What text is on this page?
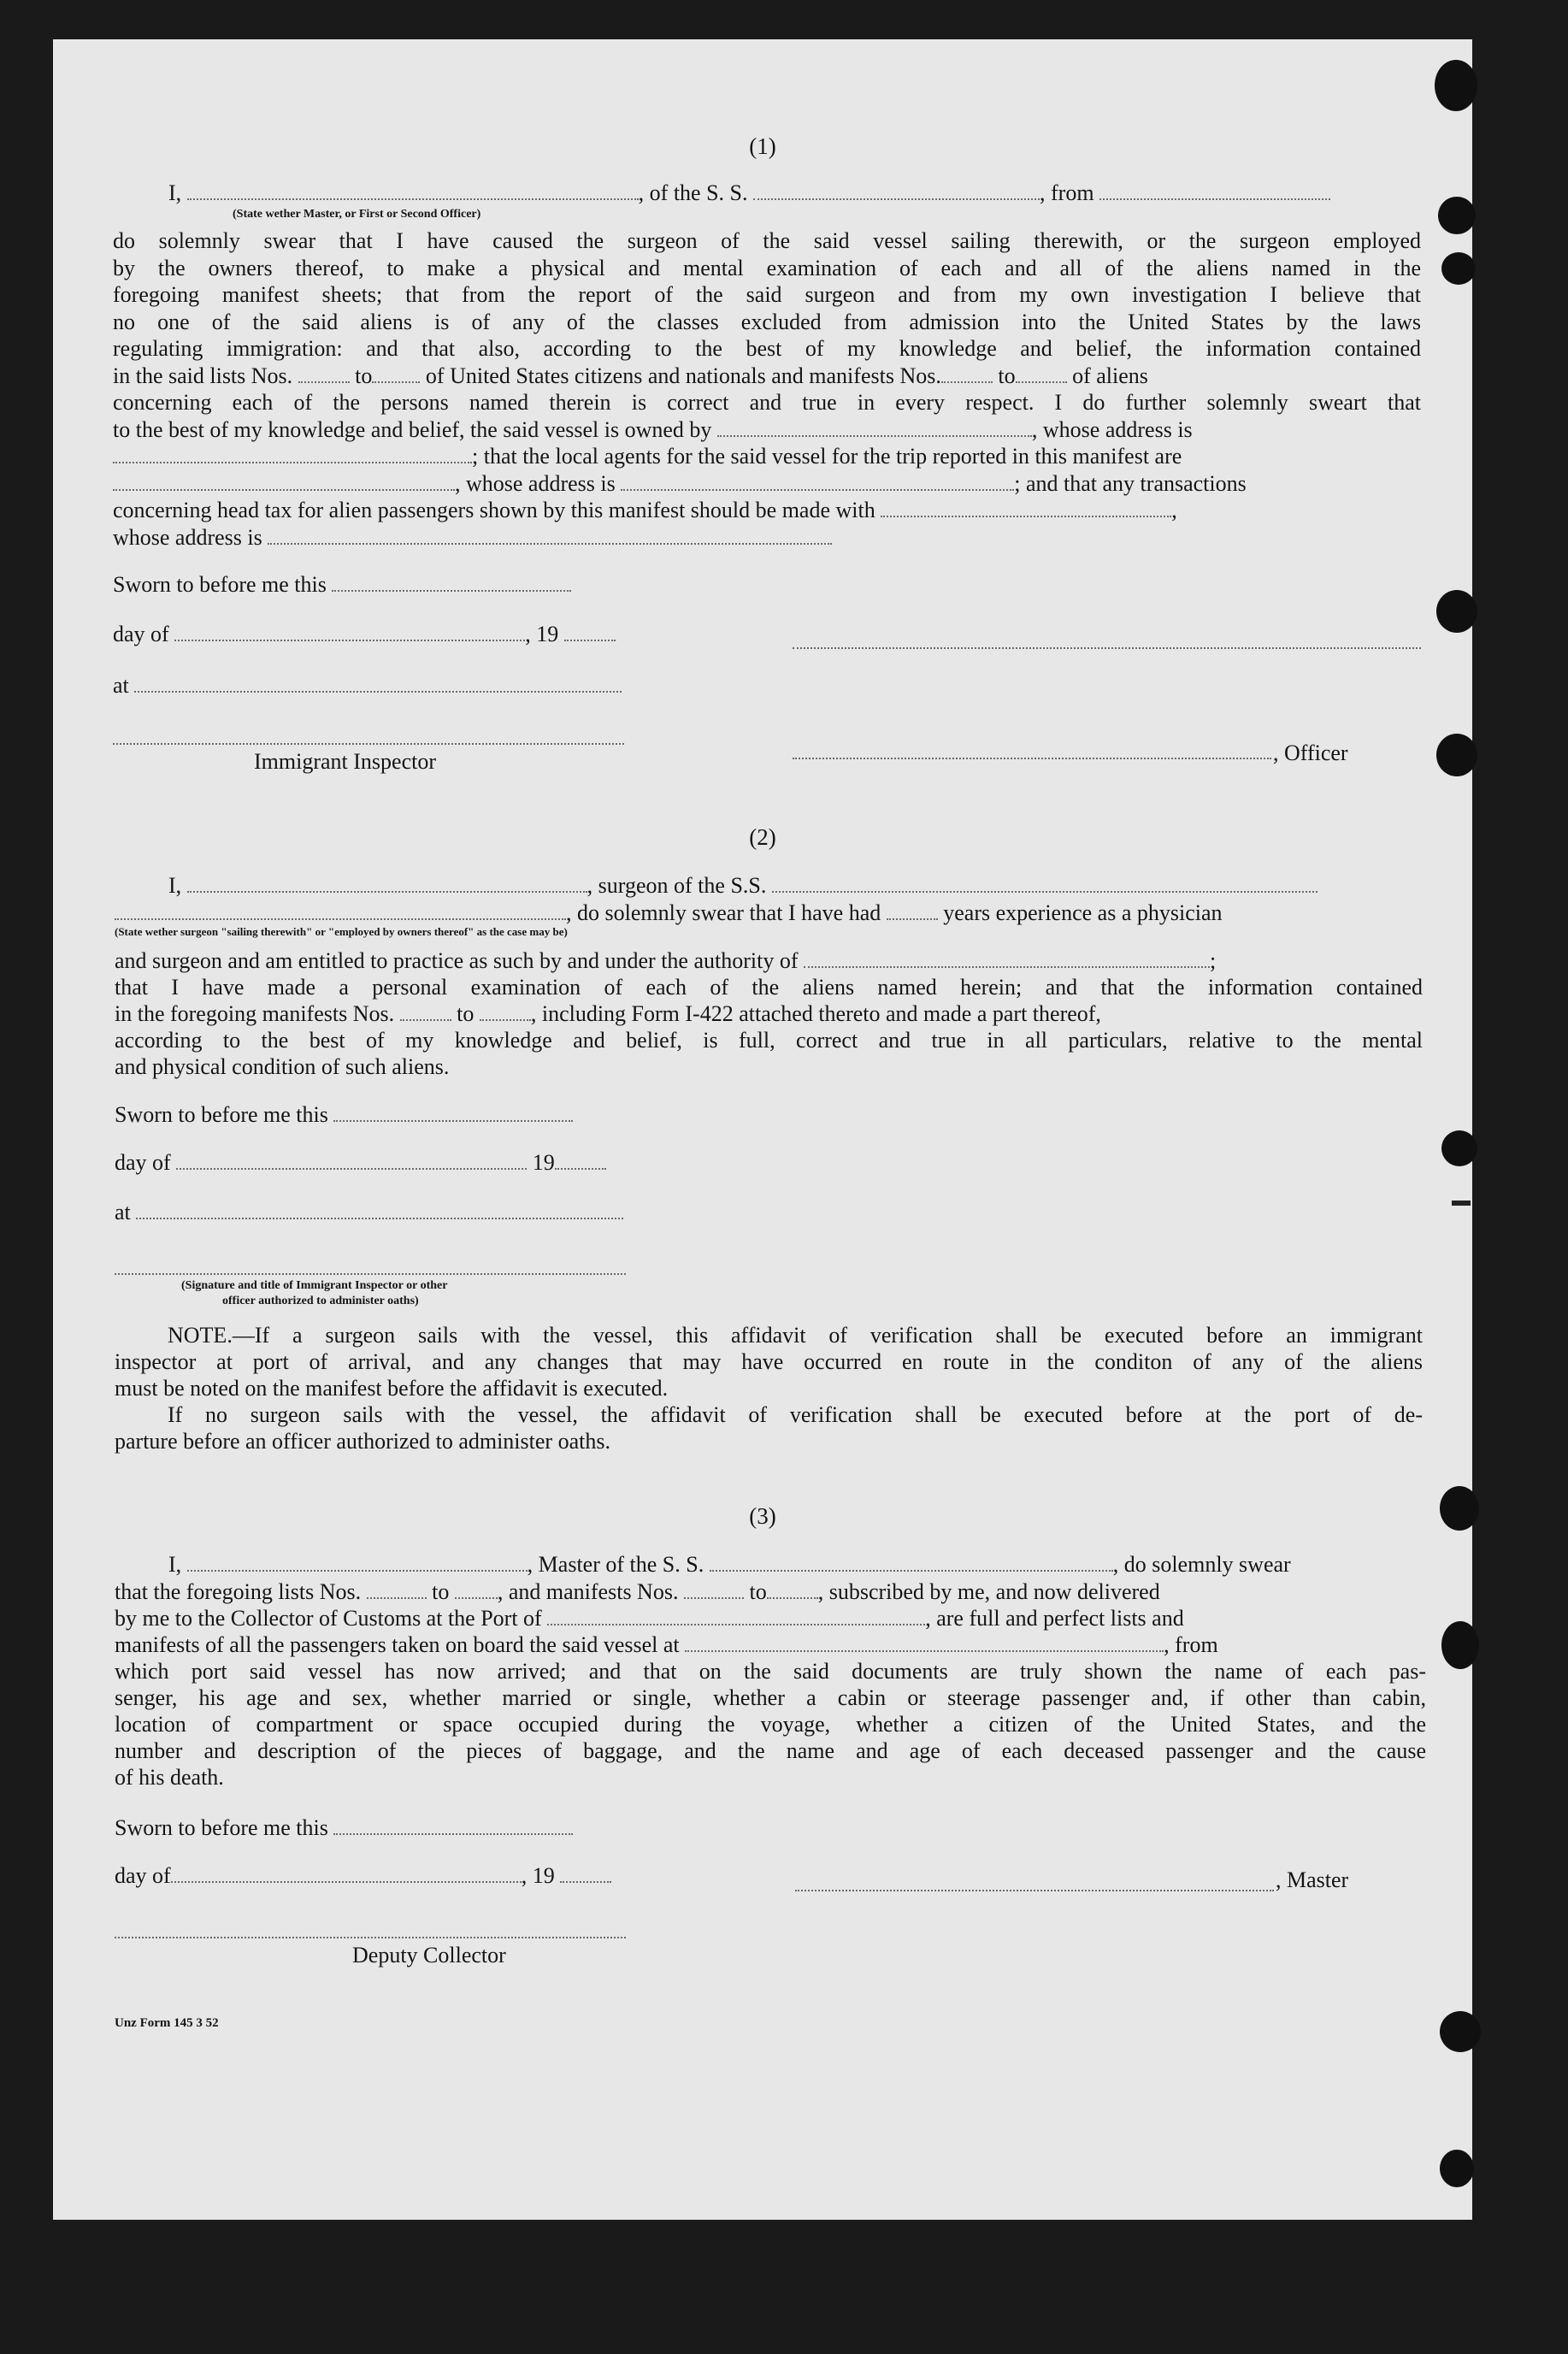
(1)
I,	, of the S. S.	, from
(State wether Master, or First or Second Officer)
do solemnly swear that I have caused the surgeon of the said vessel sailing therewith, or the surgeon employed
by the owners thereof, to make a physical and mental examination of each and all of the aliens named in the
foregoing manifest sheets; that from the report of the said surgeon and from my own investigation I believe that
no one of the said aliens is of any of the classes excluded from admission into the United States by the laws
regulating immigration: and that also, according to the best of my knowledge and belief, the information contained
in the said lists Nos.	to of United States citizens and nationals and manifests Nos.	to	of aliens
concerning each of the persons named therein is correct and true in every respect. I do further solemnly sweart that
to the best of my knowledge and belief, the said vessel is owned by	, whose address is
; that the local agents for the said vessel for the trip reported in this manifest are
, whose address is	; and that any transactions
concerning head tax for alien passengers shown by this manifest should be made with	,
whose address is
Sworn to before me this
day of	, 19
at
Immigrant Inspector	, Officer
(2)
I,	, surgeon of the S.S.
, do solemnly swear that I have had	years experience as a physician
(State wether surgeon "sailing therewith" or "employed by owners thereof" as the case may be)
and surgeon and am entitled to practice as such by and under the authority of	;
that I have made a personal examination of each of the aliens named herein; and that the information contained
in the foregoing manifests Nos.	to	, including Form I-422 attached thereto and made a part thereof,
according to the best of my knowledge and belief, is full, correct and true in all particulars, relative to the mental
and physical condition of such aliens.
Sworn to before me this
day of	19
at
(Signature and title of Immigrant Inspector or other
officer authorized to administer oaths)
NOTE.—If a surgeon sails with the vessel, this affidavit of verification shall be executed before an immigrant
inspector at port of arrival, and any changes that may have occurred en route in the conditon of any of the aliens
must be noted on the manifest before the affidavit is executed.
If no surgeon sails with the vessel, the affidavit of verification shall be executed before at the port of de-
parture before an officer authorized to administer oaths.
(3)
I,	, Master of the S. S.	, do solemnly swear
that the foregoing lists Nos.	to , and manifests Nos.	to , subscribed by me, and now delivered
by me to the Collector of Customs at the Port of	, are full and perfect lists and
manifests of all the passengers taken on board the said vessel at	, from
which port said vessel has now arrived; and that on the said documents are truly shown the name of each pas-
senger, his age and sex, whether married or single, whether a cabin or steerage passenger and, if other than cabin,
location of compartment or space occupied during the voyage, whether a citizen of the United States, and the
number and description of the pieces of baggage, and the name and age of each deceased passenger and the cause
of his death.
Sworn to before me this
day of	, 19	, Master
Deputy Collector
Unz Form 145 3 52
